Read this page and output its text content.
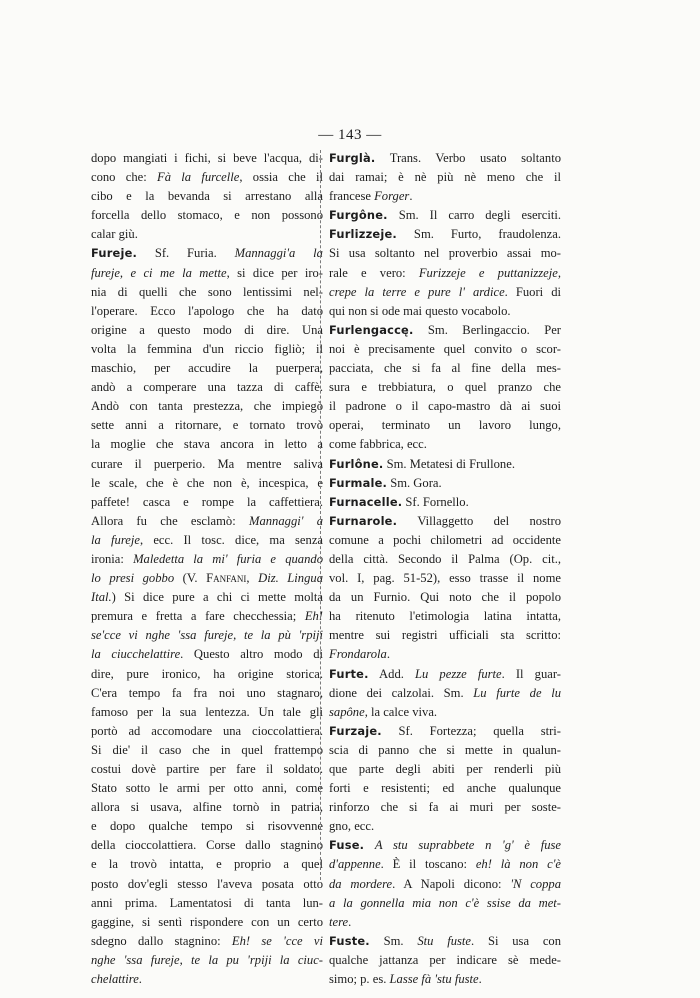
— 143 —

dopo mangiati i fichi, si beve l'acqua, di-

cono che: Fà la furcelle, ossia che il

cibo e la bevanda si arrestano alla

forcella dello stomaco, e non possono

calar giù.

Fureje. Sf. Furia. Mannaggi'a la

fureje, e ci me la mette, si dice per iro-

nia di quelli che sono lentissimi nel-

l'operare. Ecco l'apologo che ha dato

origine a questo modo di dire. Una

volta la femmina d'un riccio figliò; il

maschio, per accudire la puerpera,

andò a comperare una tazza di caffè.

Andò con tanta prestezza, che impiegò

sette anni a ritornare, e tornato trovò

la moglie che stava ancora in letto a

curare il puerperio. Ma mentre saliva

le scale, che è che non è, incespica, e

paffete! casca e rompe la caffettiera.

Allora fu che esclamò: Mannaggi' a

la fureje, ecc. Il tosc. dice, ma senza

ironia: Maledetta la mi' furia e quando

lo presi gobbo (V. Fanfani, Diz. Lingua

Ital.) Si dice pure a chi ci mette molta

premura e fretta a fare checchessia; Eh!

se'cce vi nghe 'ssa fureje, te la pù 'rpiji

la ciucchelattire. Questo altro modo di

dire, pure ironico, ha origine storica.

C'era tempo fa fra noi uno stagnaro,

famoso per la sua lentezza. Un tale gli

portò ad accomodare una cioccolattiera.

Si die' il caso che in quel frattempo

costui dovè partire per fare il soldato.

Stato sotto le armi per otto anni, come

allora si usava, alfine tornò in patria,

e dopo qualche tempo si risovvenne

della cioccolattiera. Corse dallo stagnino

e la trovò intatta, e proprio a quel

posto dov'egli stesso l'aveva posata otto

anni prima. Lamentatosi di tanta lun-

gaggine, si sentì rispondere con un certo

sdegno dallo stagnino: Eh! se 'cce vi

nghe 'ssa fureje, te la pu 'rpiji la ciuc-

chelattire.

Furglà. Trans. Verbo usato soltanto

dai ramai; è nè più nè meno che il

francese Forger.

Furgône. Sm. Il carro degli eserciti.

Furlizzeje. Sm. Furto, fraudolenza.

Si usa soltanto nel proverbio assai mo-

rale e vero: Furizzeje e puttanizzeje,

crepe la terre e pure l' ardice. Fuori di

qui non si ode mai questo vocabolo.

Furlengaccę. Sm. Berlingaccio. Per

noi è precisamente quel convito o scor-

pacciata, che si fa al fine della mes-

sura e trebbiatura, o quel pranzo che

il padrone o il capo-mastro dà ai suoi

operai, terminato un lavoro lungo,

come fabbrica, ecc.

Furlône. Sm. Metatesi di Frullone.

Furmale. Sm. Gora.

Furnacelle. Sf. Fornello.

Furnarole. Villaggetto del nostro

comune a pochi chilometri ad occidente

della città. Secondo il Palma (Op. cit.,

vol. I, pag. 51-52), esso trasse il nome

da un Furnio. Qui noto che il popolo

ha ritenuto l'etimologia latina intatta,

mentre sui registri ufficiali sta scritto:

Frondarola.

Furte. Add. Lu pezze furte. Il guar-

dione dei calzolai. Sm. Lu furte de lu

sapône, la calce viva.

Furzaje. Sf. Fortezza; quella stri-

scia di panno che si mette in qualun-

que parte degli abiti per renderli più

forti e resistenti; ed anche qualunque

rinforzo che si fa ai muri per soste-

gno, ecc.

Fuse. A stu suprabbete n 'g' è fuse

d'appenne. È il toscano: eh! là non c'è

da mordere. A Napoli dicono: 'N coppa

a la gonnella mia non c'è ssise da met-

tere.

Fuste. Sm. Stu fuste. Si usa con

qualche jattanza per indicare sè mede-

simo; p. es. Lasse fà 'stu fuste.
